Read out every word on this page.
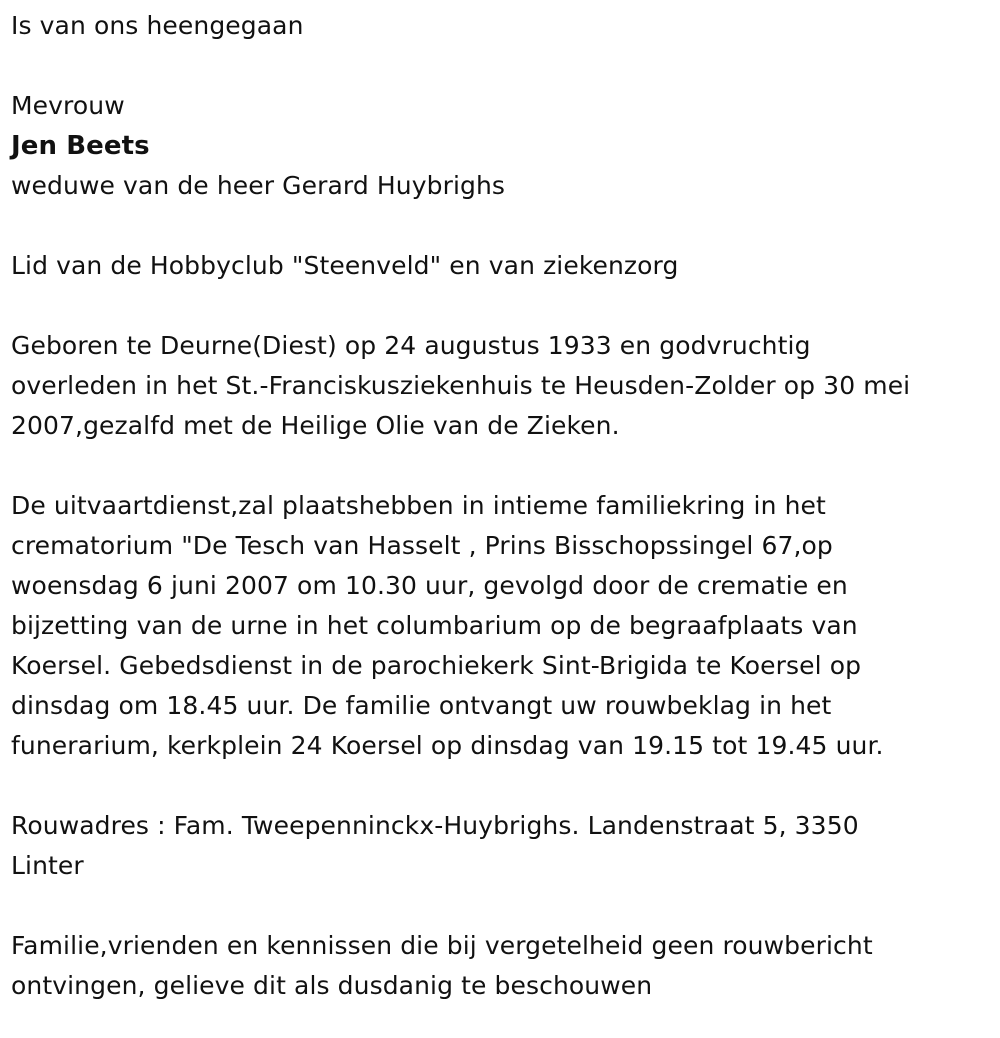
Is van ons heengegaan

Mevrouw

Jen Beets

weduwe van de heer Gerard Huybrighs

Lid van de Hobbyclub "Steenveld" en van ziekenzorg

Geboren te Deurne(Diest) op 24 augustus 1933 en godvruchtig
overleden in het St.-Franciskusziekenhuis te Heusden-Zolder op 30 mei
2007,gezalfd met de Heilige Olie van de Zieken.
De uitvaartdienst,zal plaatshebben in intieme familiekring in het
crematorium "De Tesch van Hasselt , Prins Bisschopssingel 67,op
woensdag 6 juni 2007 om 10.30 uur, gevolgd door de crematie en
bijzetting van de urne in het columbarium op de begraafplaats van
Koersel. Gebedsdienst in de parochiekerk Sint-Brigida te Koersel op
dinsdag om 18.45 uur. De familie ontvangt uw rouwbeklag in het
funerarium, kerkplein 24 Koersel op dinsdag van 19.15 tot 19.45 uur.
Rouwadres : Fam. Tweepenninckx-Huybrighs. Landenstraat 5, 3350
Linter
Familie,vrienden en kennissen die bij vergetelheid geen rouwbericht
ontvingen, gelieve dit als dusdanig te beschouwen
